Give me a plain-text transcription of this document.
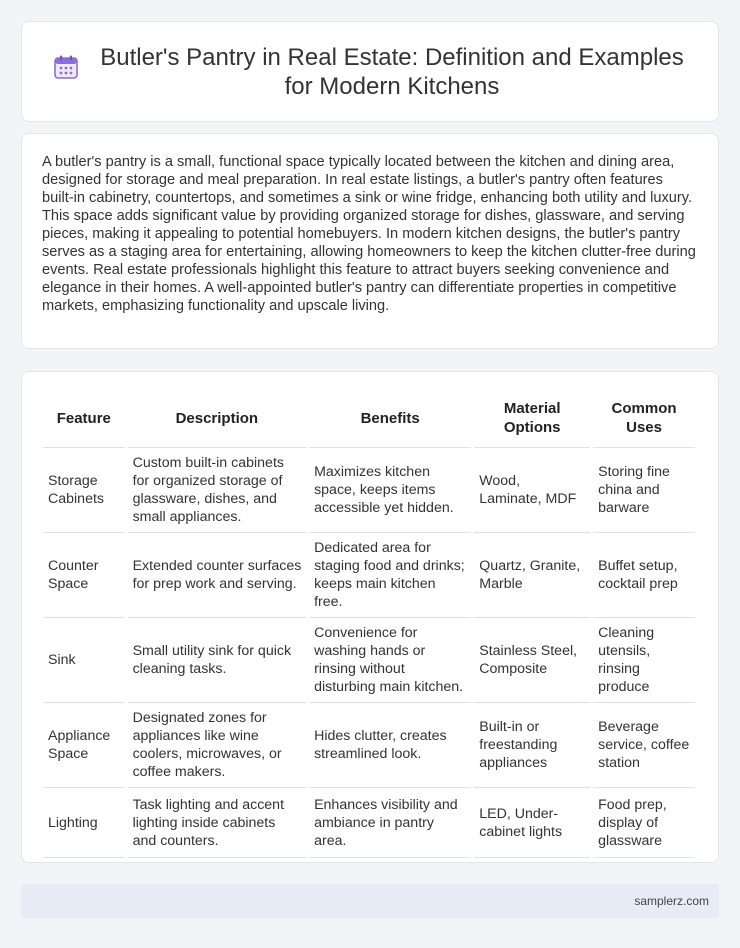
Butler's Pantry in Real Estate: Definition and Examples for Modern Kitchens

A butler's pantry is a small, functional space typically located between the kitchen and dining area, designed for storage and meal preparation. In real estate listings, a butler's pantry often features built-in cabinetry, countertops, and sometimes a sink or wine fridge, enhancing both utility and luxury. This space adds significant value by providing organized storage for dishes, glassware, and serving pieces, making it appealing to potential homebuyers. In modern kitchen designs, the butler's pantry serves as a staging area for entertaining, allowing homeowners to keep the kitchen clutter-free during events. Real estate professionals highlight this feature to attract buyers seeking convenience and elegance in their homes. A well-appointed butler's pantry can differentiate properties in competitive markets, emphasizing functionality and upscale living.

Feature	Description	Benefits	Material Options	Common Uses
Storage Cabinets	Custom built-in cabinets for organized storage of glassware, dishes, and small appliances.	Maximizes kitchen space, keeps items accessible yet hidden.	Wood, Laminate, MDF	Storing fine china and barware
Counter Space	Extended counter surfaces for prep work and serving.	Dedicated area for staging food and drinks; keeps main kitchen free.	Quartz, Granite, Marble	Buffet setup, cocktail prep
Sink	Small utility sink for quick cleaning tasks.	Convenience for washing hands or rinsing without disturbing main kitchen.	Stainless Steel, Composite	Cleaning utensils, rinsing produce
Appliance Space	Designated zones for appliances like wine coolers, microwaves, or coffee makers.	Hides clutter, creates streamlined look.	Built-in or freestanding appliances	Beverage service, coffee station
Lighting	Task lighting and accent lighting inside cabinets and counters.	Enhances visibility and ambiance in pantry area.	LED, Under-cabinet lights	Food prep, display of glassware
samplerz.com
